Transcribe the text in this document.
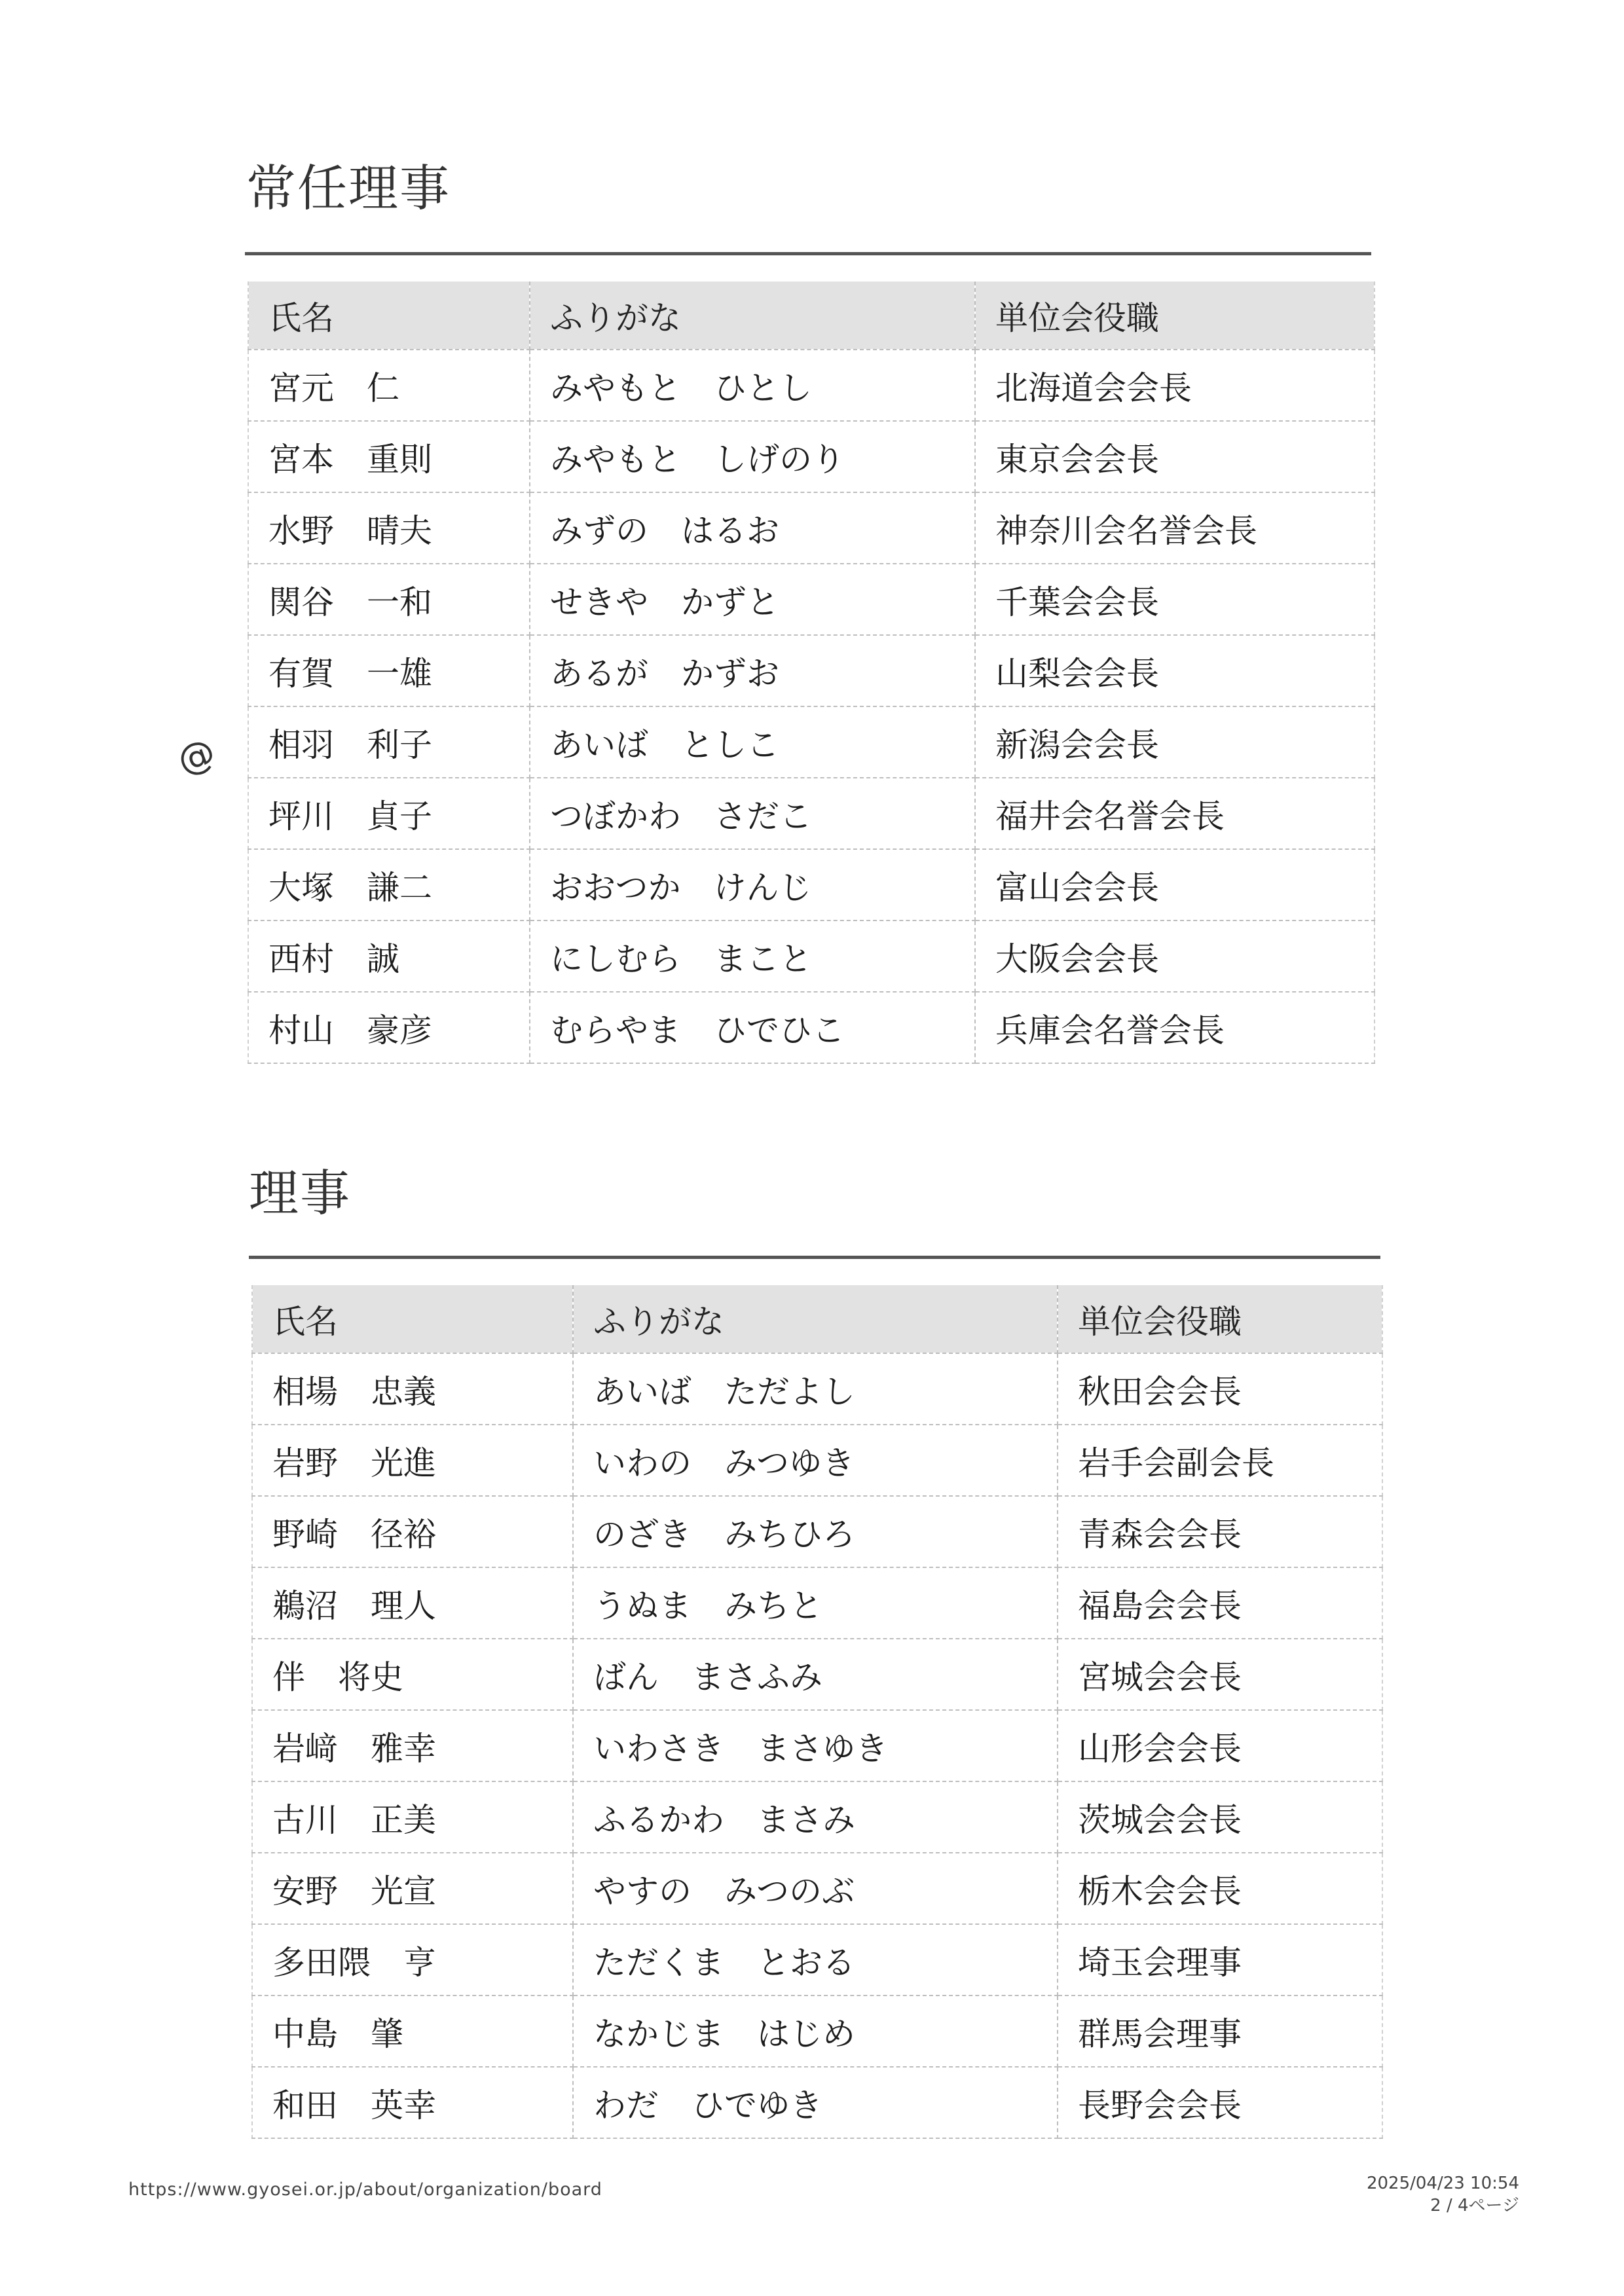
常任理事
氏名	ふりがな	単位会役職
宮元　仁	みやもと　ひとし	北海道会会長
宮本　重則	みやもと　しげのり	東京会会長
水野　晴夫	みずの　はるお	神奈川会名誉会長
関谷　一和	せきや　かずと	千葉会会長
有賀　一雄	あるが　かずお	山梨会会長
相羽　利子	あいば　としこ	新潟会会長
坪川　貞子	つぼかわ　さだこ	福井会名誉会長
大塚　謙二	おおつか　けんじ	富山会会長
西村　誠	にしむら　まこと	大阪会会長
村山　豪彦	むらやま　ひでひこ	兵庫会名誉会長
@
理事
氏名	ふりがな	単位会役職
相場　忠義	あいば　ただよし	秋田会会長
岩野　光進	いわの　みつゆき	岩手会副会長
野崎　径裕	のざき　みちひろ	青森会会長
鵜沼　理人	うぬま　みちと	福島会会長
伴　将史	ばん　まさふみ	宮城会会長
岩﨑　雅幸	いわさき　まさゆき	山形会会長
古川　正美	ふるかわ　まさみ	茨城会会長
安野　光宣	やすの　みつのぶ	栃木会会長
多田隈　亨	ただくま　とおる	埼玉会理事
中島　肇	なかじま　はじめ	群馬会理事
和田　英幸	わだ　ひでゆき	長野会会長
https://www.gyosei.or.jp/about/organization/board	2025/04/23 10:54
2 / 4ページ
